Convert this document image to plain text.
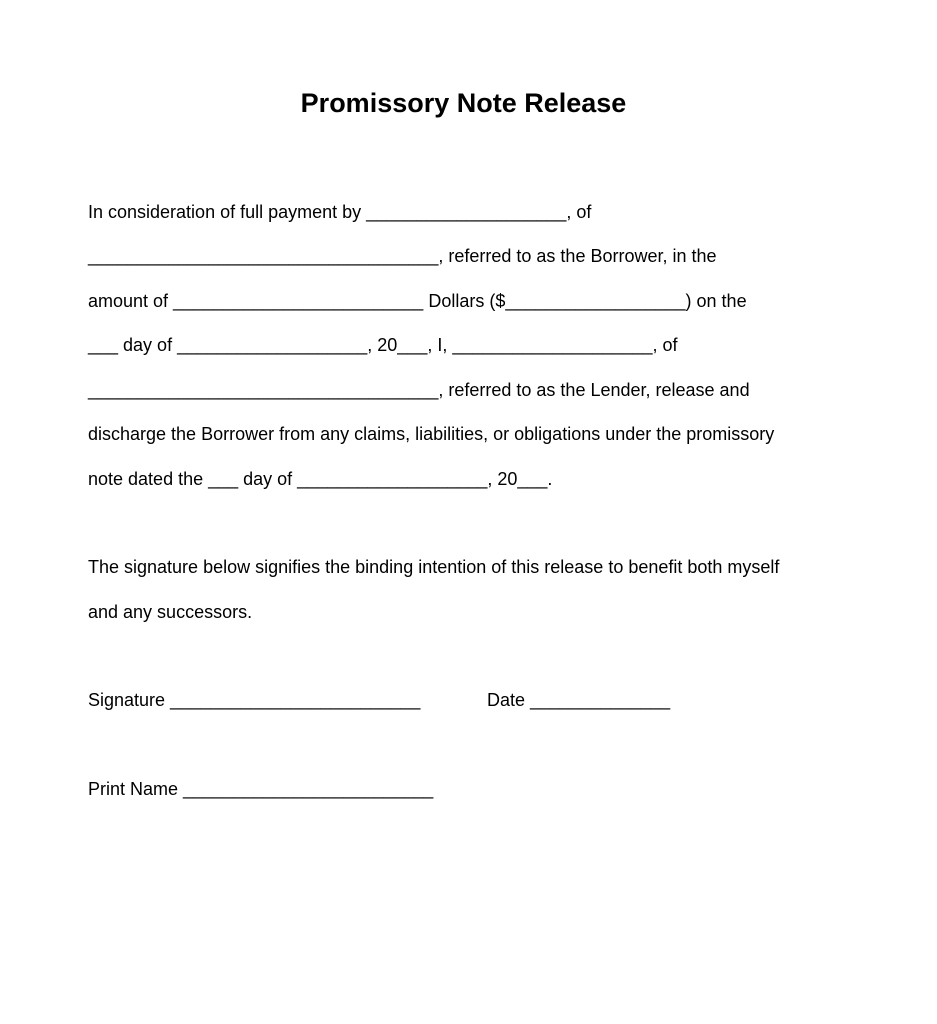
Promissory Note Release
In consideration of full payment by ____________________, of
___________________________________, referred to as the Borrower, in the
amount of _________________________ Dollars ($__________________) on the
___ day of ___________________, 20___, I, ____________________, of
___________________________________, referred to as the Lender, release and
discharge the Borrower from any claims, liabilities, or obligations under the promissory
note dated the ___ day of ___________________, 20___.
The signature below signifies the binding intention of this release to benefit both myself
and any successors.
Signature _________________________	Date ______________
Print Name _________________________
